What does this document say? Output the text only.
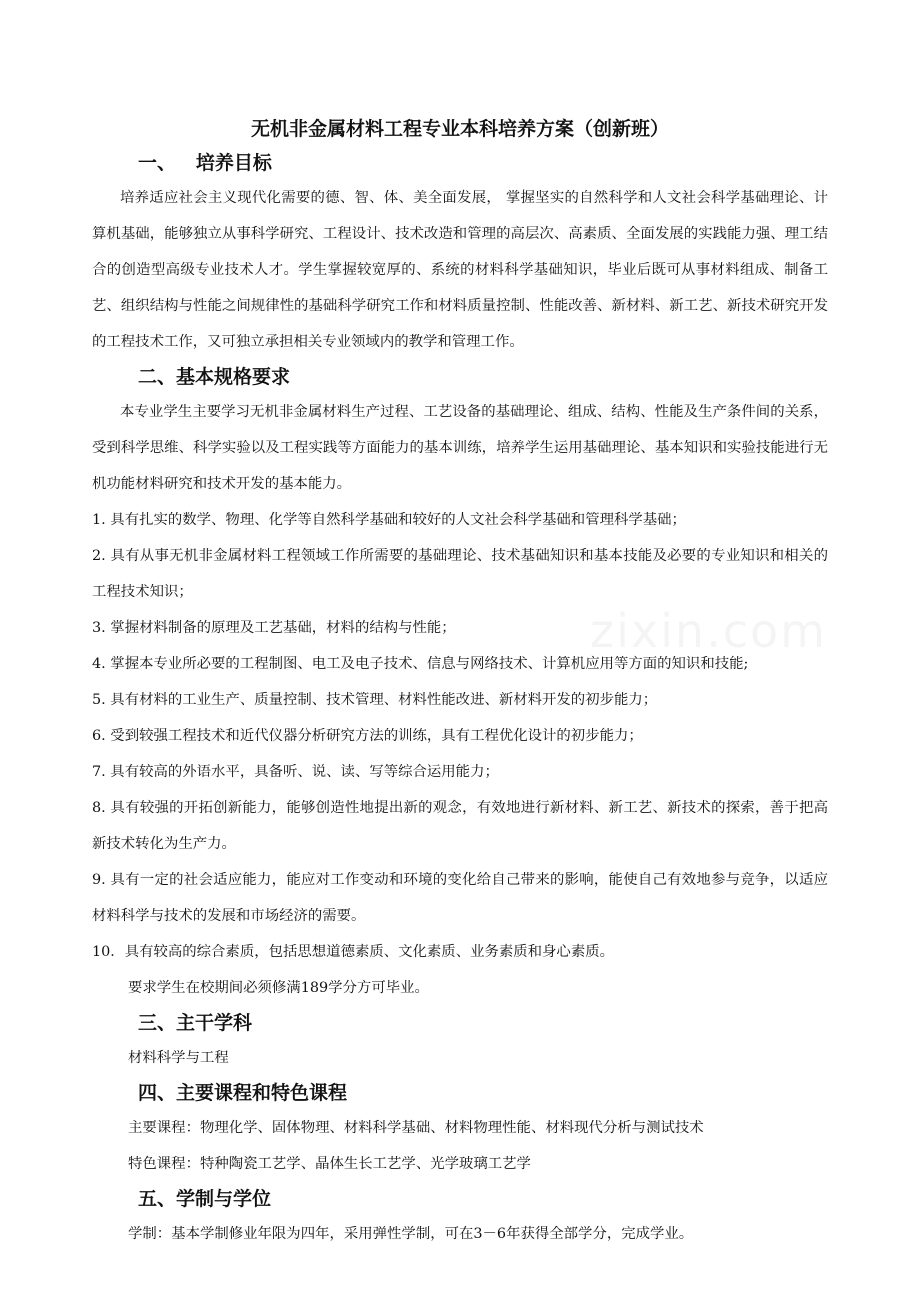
无机非金属材料工程专业本科培养方案（创新班）
一、   培养目标

培养适应社会主义现代化需要的德、智、体、美全面发展， 掌握坚实的自然科学和人文社会科学基础理论、计算机基础，能够独立从事科学研究、工程设计、技术改造和管理的高层次、高素质、全面发展的实践能力强、理工结合的创造型高级专业技术人才。学生掌握较宽厚的、系统的材料科学基础知识，毕业后既可从事材料组成、制备工艺、组织结构与性能之间规律性的基础科学研究工作和材料质量控制、性能改善、新材料、新工艺、新技术研究开发的工程技术工作，又可独立承担相关专业领域内的教学和管理工作。

二、基本规格要求

本专业学生主要学习无机非金属材料生产过程、工艺设备的基础理论、组成、结构、性能及生产条件间的关系，受到科学思维、科学实验以及工程实践等方面能力的基本训练，培养学生运用基础理论、基本知识和实验技能进行无机功能材料研究和技术开发的基本能力。

1. 具有扎实的数学、物理、化学等自然科学基础和较好的人文社会科学基础和管理科学基础；

2. 具有从事无机非金属材料工程领域工作所需要的基础理论、技术基础知识和基本技能及必要的专业知识和相关的工程技术知识；

3. 掌握材料制备的原理及工艺基础，材料的结构与性能；

4. 掌握本专业所必要的工程制图、电工及电子技术、信息与网络技术、计算机应用等方面的知识和技能;

5. 具有材料的工业生产、质量控制、技术管理、材料性能改进、新材料开发的初步能力；

6. 受到较强工程技术和近代仪器分析研究方法的训练，具有工程优化设计的初步能力；

7. 具有较高的外语水平，具备听、说、读、写等综合运用能力；

8. 具有较强的开拓创新能力，能够创造性地提出新的观念，有效地进行新材料、新工艺、新技术的探索，善于把高新技术转化为生产力。

9. 具有一定的社会适应能力，能应对工作变动和环境的变化给自己带来的影响，能使自己有效地参与竞争，以适应材料科学与技术的发展和市场经济的需要。

10．具有较高的综合素质，包括思想道德素质、文化素质、业务素质和身心素质。

要求学生在校期间必须修满189学分方可毕业。

三、主干学科

材料科学与工程

四、主要课程和特色课程

主要课程：物理化学、固体物理、材料科学基础、材料物理性能、材料现代分析与测试技术

特色课程：特种陶瓷工艺学、晶体生长工艺学、光学玻璃工艺学

五、学制与学位

学制：基本学制修业年限为四年，采用弹性学制，可在3－6年获得全部学分，完成学业。
